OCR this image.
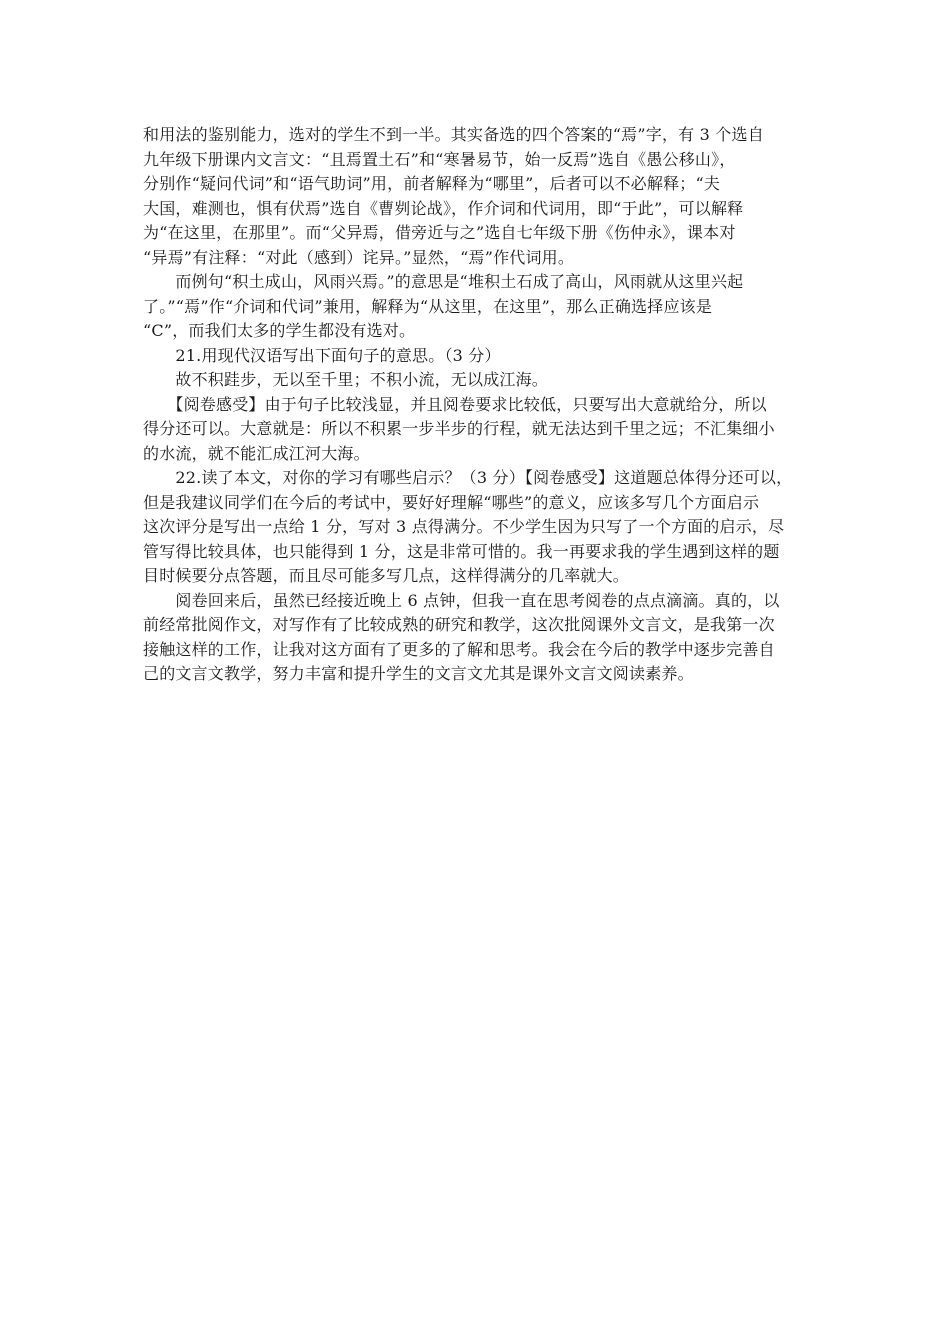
和用法的鉴别能力，选对的学生不到一半。其实备选的四个答案的“焉”字，有 3 个选自
九年级下册课内文言文：“且焉置土石”和“寒暑易节，始一反焉”选自《愚公移山》，
分别作“疑问代词”和“语气助词”用，前者解释为“哪里”，后者可以不必解释；“夫
大国，难测也，惧有伏焉”选自《曹刿论战》，作介词和代词用，即“于此”，可以解释
为“在这里，在那里”。而“父异焉，借旁近与之”选自七年级下册《伤仲永》，课本对
“异焉”有注释：“对此（感到）诧异。”显然，“焉”作代词用。
　　而例句“积土成山，风雨兴焉。”的意思是“堆积土石成了高山，风雨就从这里兴起
了。”“焉”作“介词和代词”兼用，解释为“从这里，在这里”，那么正确选择应该是
“C”，而我们太多的学生都没有选对。
　　21.用现代汉语写出下面句子的意思。（3 分）
　　故不积跬步，无以至千里；不积小流，无以成江海。
　　【阅卷感受】由于句子比较浅显，并且阅卷要求比较低，只要写出大意就给分，所以
得分还可以。大意就是：所以不积累一步半步的行程，就无法达到千里之远；不汇集细小
的水流，就不能汇成江河大海。
　　22.读了本文，对你的学习有哪些启示？（3 分）【阅卷感受】这道题总体得分还可以，
但是我建议同学们在今后的考试中，要好好理解“哪些”的意义，应该多写几个方面启示
这次评分是写出一点给 1 分，写对 3 点得满分。不少学生因为只写了一个方面的启示，尽
管写得比较具体，也只能得到 1 分，这是非常可惜的。我一再要求我的学生遇到这样的题
目时候要分点答题，而且尽可能多写几点，这样得满分的几率就大。
　　阅卷回来后，虽然已经接近晚上 6 点钟，但我一直在思考阅卷的点点滴滴。真的，以
前经常批阅作文，对写作有了比较成熟的研究和教学，这次批阅课外文言文，是我第一次
接触这样的工作，让我对这方面有了更多的了解和思考。我会在今后的教学中逐步完善自
己的文言文教学，努力丰富和提升学生的文言文尤其是课外文言文阅读素养。
